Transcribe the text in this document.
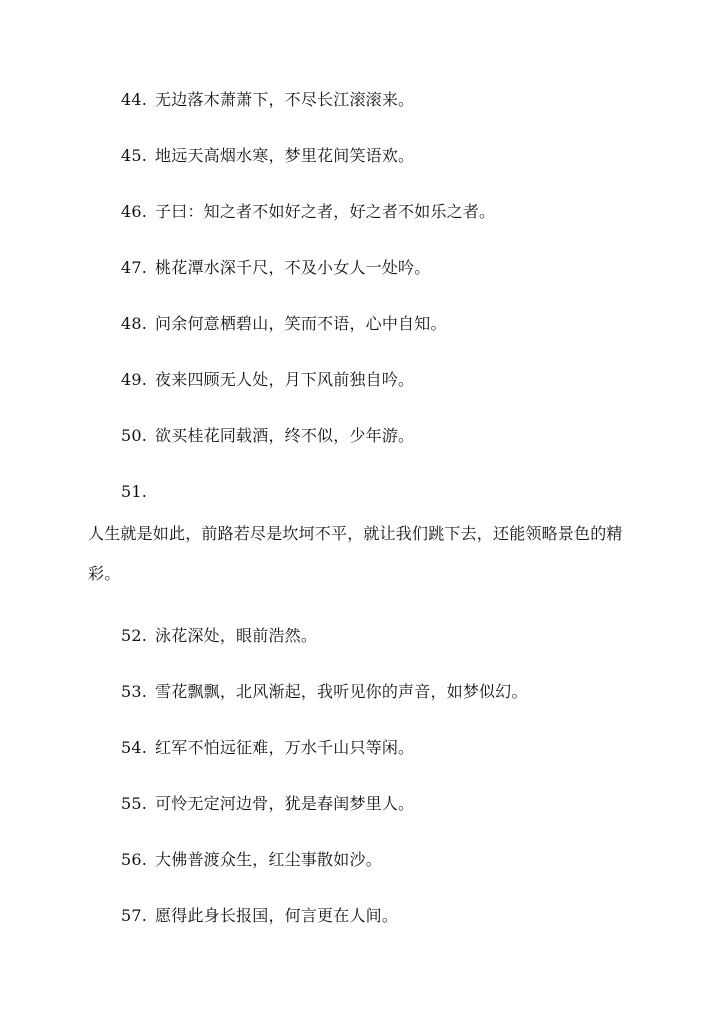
44. 无边落木萧萧下，不尽长江滚滚来。
45. 地远天高烟水寒，梦里花间笑语欢。
46. 子曰：知之者不如好之者，好之者不如乐之者。
47. 桃花潭水深千尺，不及小女人一处吟。
48. 问余何意栖碧山，笑而不语，心中自知。
49. 夜来四顾无人处，月下风前独自吟。
50. 欲买桂花同载酒，终不似，少年游。
51.
人生就是如此，前路若尽是坎坷不平，就让我们跳下去，还能领略景色的精彩。
52. 泳花深处，眼前浩然。
53. 雪花飘飘，北风渐起，我听见你的声音，如梦似幻。
54. 红军不怕远征难，万水千山只等闲。
55. 可怜无定河边骨，犹是春闺梦里人。
56. 大佛普渡众生，红尘事散如沙。
57. 愿得此身长报国，何言更在人间。
